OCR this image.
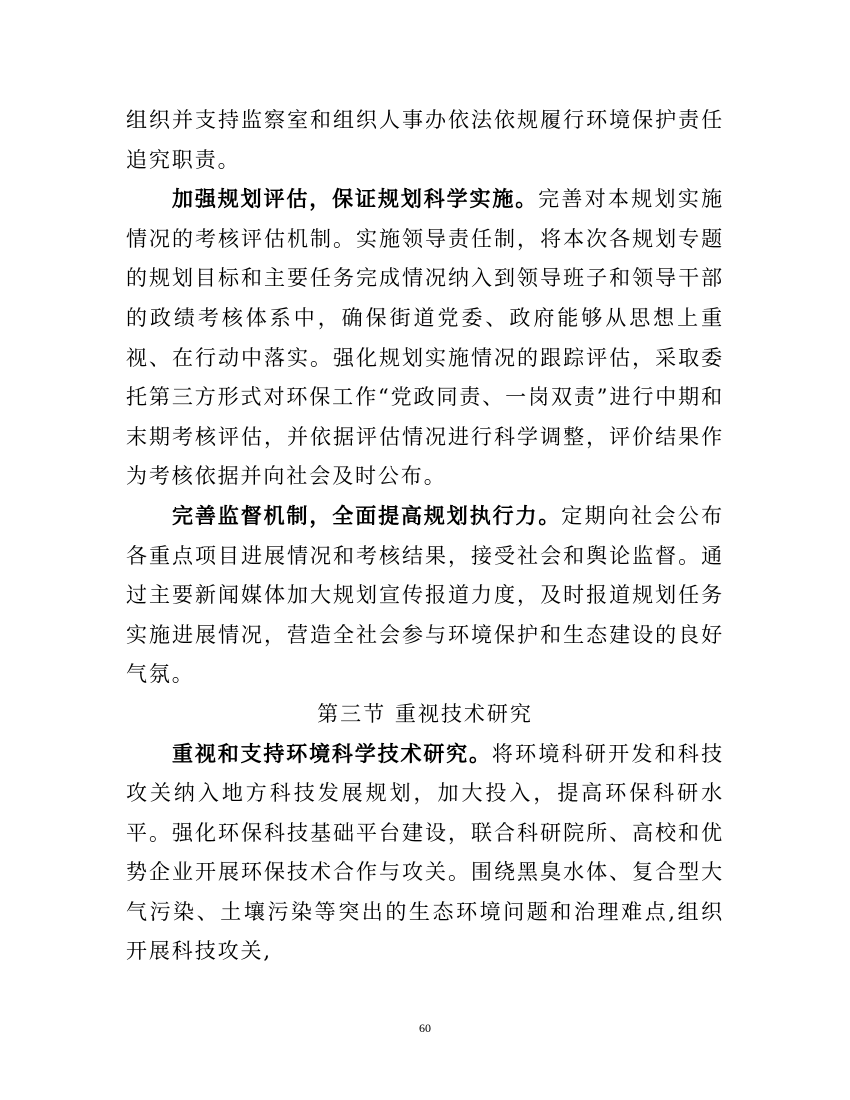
组织并支持监察室和组织人事办依法依规履行环境保护责任追究职责。

加强规划评估，保证规划科学实施。完善对本规划实施情况的考核评估机制。实施领导责任制，将本次各规划专题的规划目标和主要任务完成情况纳入到领导班子和领导干部的政绩考核体系中，确保街道党委、政府能够从思想上重视、在行动中落实。强化规划实施情况的跟踪评估，采取委托第三方形式对环保工作“党政同责、一岗双责”进行中期和末期考核评估，并依据评估情况进行科学调整，评价结果作为考核依据并向社会及时公布。

完善监督机制，全面提高规划执行力。定期向社会公布各重点项目进展情况和考核结果，接受社会和舆论监督。通过主要新闻媒体加大规划宣传报道力度，及时报道规划任务实施进展情况，营造全社会参与环境保护和生态建设的良好气氛。

第三节 重视技术研究

重视和支持环境科学技术研究。将环境科研开发和科技攻关纳入地方科技发展规划，加大投入，提高环保科研水平。强化环保科技基础平台建设，联合科研院所、高校和优势企业开展环保技术合作与攻关。围绕黑臭水体、复合型大气污染、土壤污染等突出的生态环境问题和治理难点,组织开展科技攻关,

60
